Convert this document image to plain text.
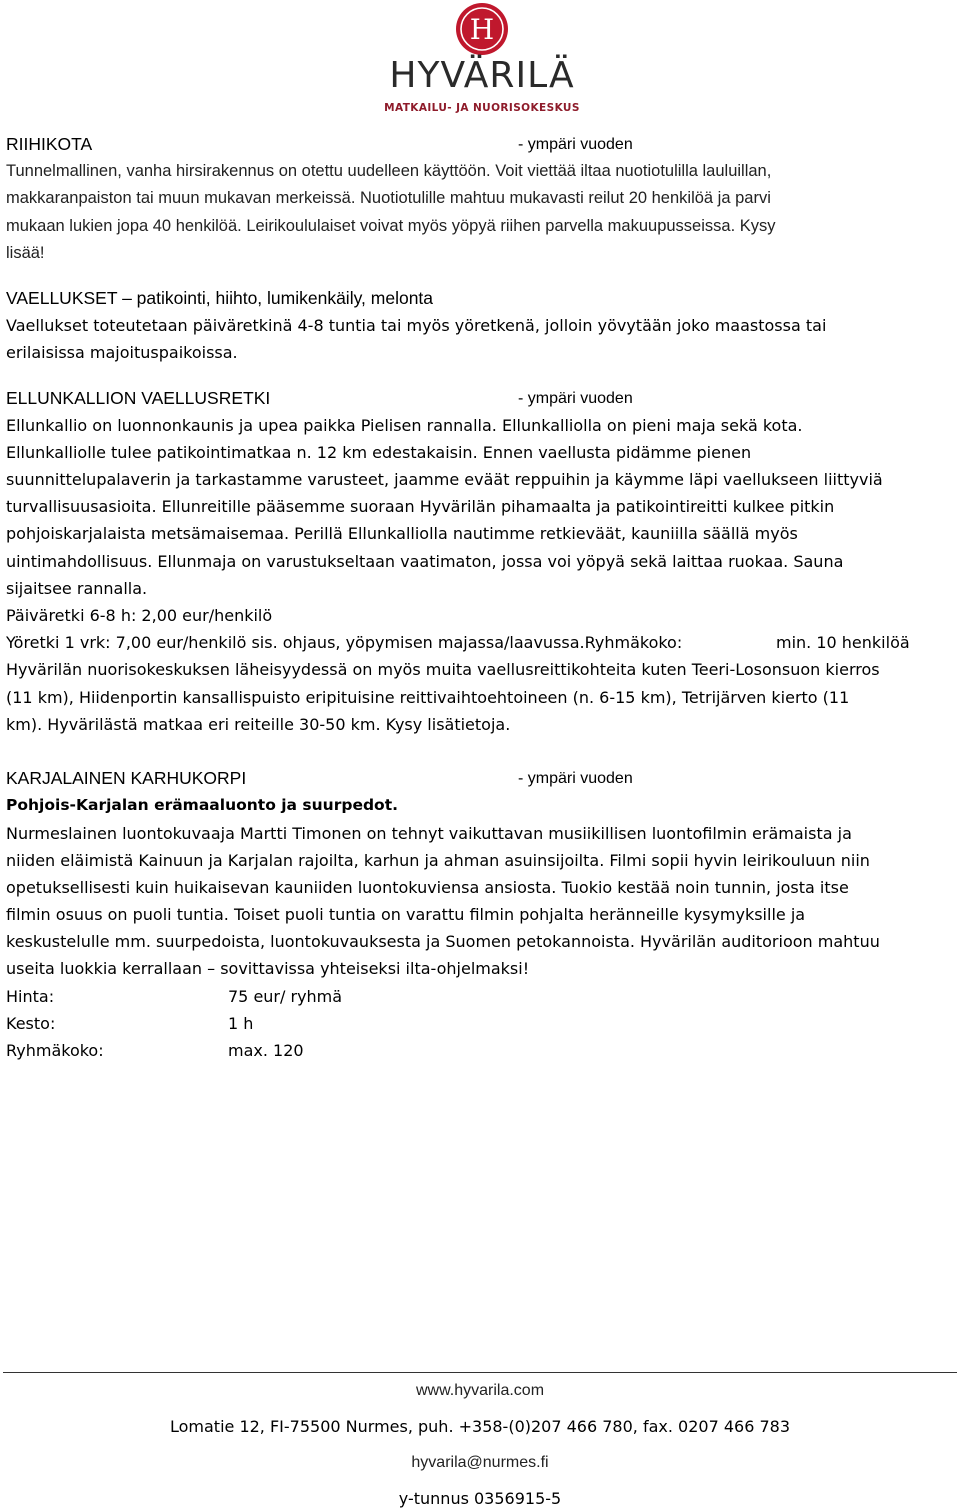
H
HYVÄRILÄ
MATKAILU- JA NUORISOKESKUS
RIIHIKOTA	- ympäri vuoden
Tunnelmallinen, vanha hirsirakennus on otettu uudelleen käyttöön. Voit viettää iltaa nuotiotulilla lauluillan,
makkaranpaiston tai muun mukavan merkeissä. Nuotiotulille mahtuu mukavasti reilut 20 henkilöä ja parvi
mukaan lukien jopa 40 henkilöä. Leirikoululaiset voivat myös yöpyä riihen parvella makuupusseissa. Kysy
lisää!
VAELLUKSET – patikointi, hiihto, lumikenkäily, melonta
Vaellukset toteutetaan päiväretkinä 4-8 tuntia tai myös yöretkenä, jolloin yövytään joko maastossa tai
erilaisissa majoituspaikoissa.
ELLUNKALLION VAELLUSRETKI	- ympäri vuoden
Ellunkallio on luonnonkaunis ja upea paikka Pielisen rannalla. Ellunkalliolla on pieni maja sekä kota.
Ellunkalliolle tulee patikointimatkaa n. 12 km edestakaisin. Ennen vaellusta pidämme pienen
suunnittelupalaverin ja tarkastamme varusteet, jaamme eväät reppuihin ja käymme läpi vaellukseen liittyviä
turvallisuusasioita. Ellunreitille pääsemme suoraan Hyvärilän pihamaalta ja patikointireitti kulkee pitkin
pohjoiskarjalaista metsämaisemaa. Perillä Ellunkalliolla nautimme retkieväät, kauniilla säällä myös
uintimahdollisuus. Ellunmaja on varustukseltaan vaatimaton, jossa voi yöpyä sekä laittaa ruokaa. Sauna
sijaitsee rannalla.
Päiväretki 6-8 h: 2,00 eur/henkilö
Yöretki 1 vrk: 7,00 eur/henkilö sis. ohjaus, yöpymisen majassa/laavussa.Ryhmäkoko:	min. 10 henkilöä
Hyvärilän nuorisokeskuksen läheisyydessä on myös muita vaellusreittikohteita kuten Teeri-Losonsuon kierros
(11 km), Hiidenportin kansallispuisto eripituisine reittivaihtoehtoineen (n. 6-15 km), Tetrijärven kierto (11
km). Hyvärilästä matkaa eri reiteille 30-50 km. Kysy lisätietoja.
KARJALAINEN KARHUKORPI	- ympäri vuoden
Pohjois-Karjalan erämaaluonto ja suurpedot.
Nurmeslainen luontokuvaaja Martti Timonen on tehnyt vaikuttavan musiikillisen luontofilmin erämaista ja
niiden eläimistä Kainuun ja Karjalan rajoilta, karhun ja ahman asuinsijoilta. Filmi sopii hyvin leirikouluun niin
opetuksellisesti kuin huikaisevan kauniiden luontokuviensa ansiosta. Tuokio kestää noin tunnin, josta itse
filmin osuus on puoli tuntia. Toiset puoli tuntia on varattu filmin pohjalta heränneille kysymyksille ja
keskustelulle mm. suurpedoista, luontokuvauksesta ja Suomen petokannoista. Hyvärilän auditorioon mahtuu
useita luokkia kerrallaan – sovittavissa yhteiseksi ilta-ohjelmaksi!
Hinta:	75 eur/ ryhmä
Kesto:	1 h
Ryhmäkoko:	max. 120
www.hyvarila.com
Lomatie 12, FI-75500 Nurmes, puh. +358-(0)207 466 780, fax. 0207 466 783
hyvarila@nurmes.fi
y-tunnus 0356915-5
